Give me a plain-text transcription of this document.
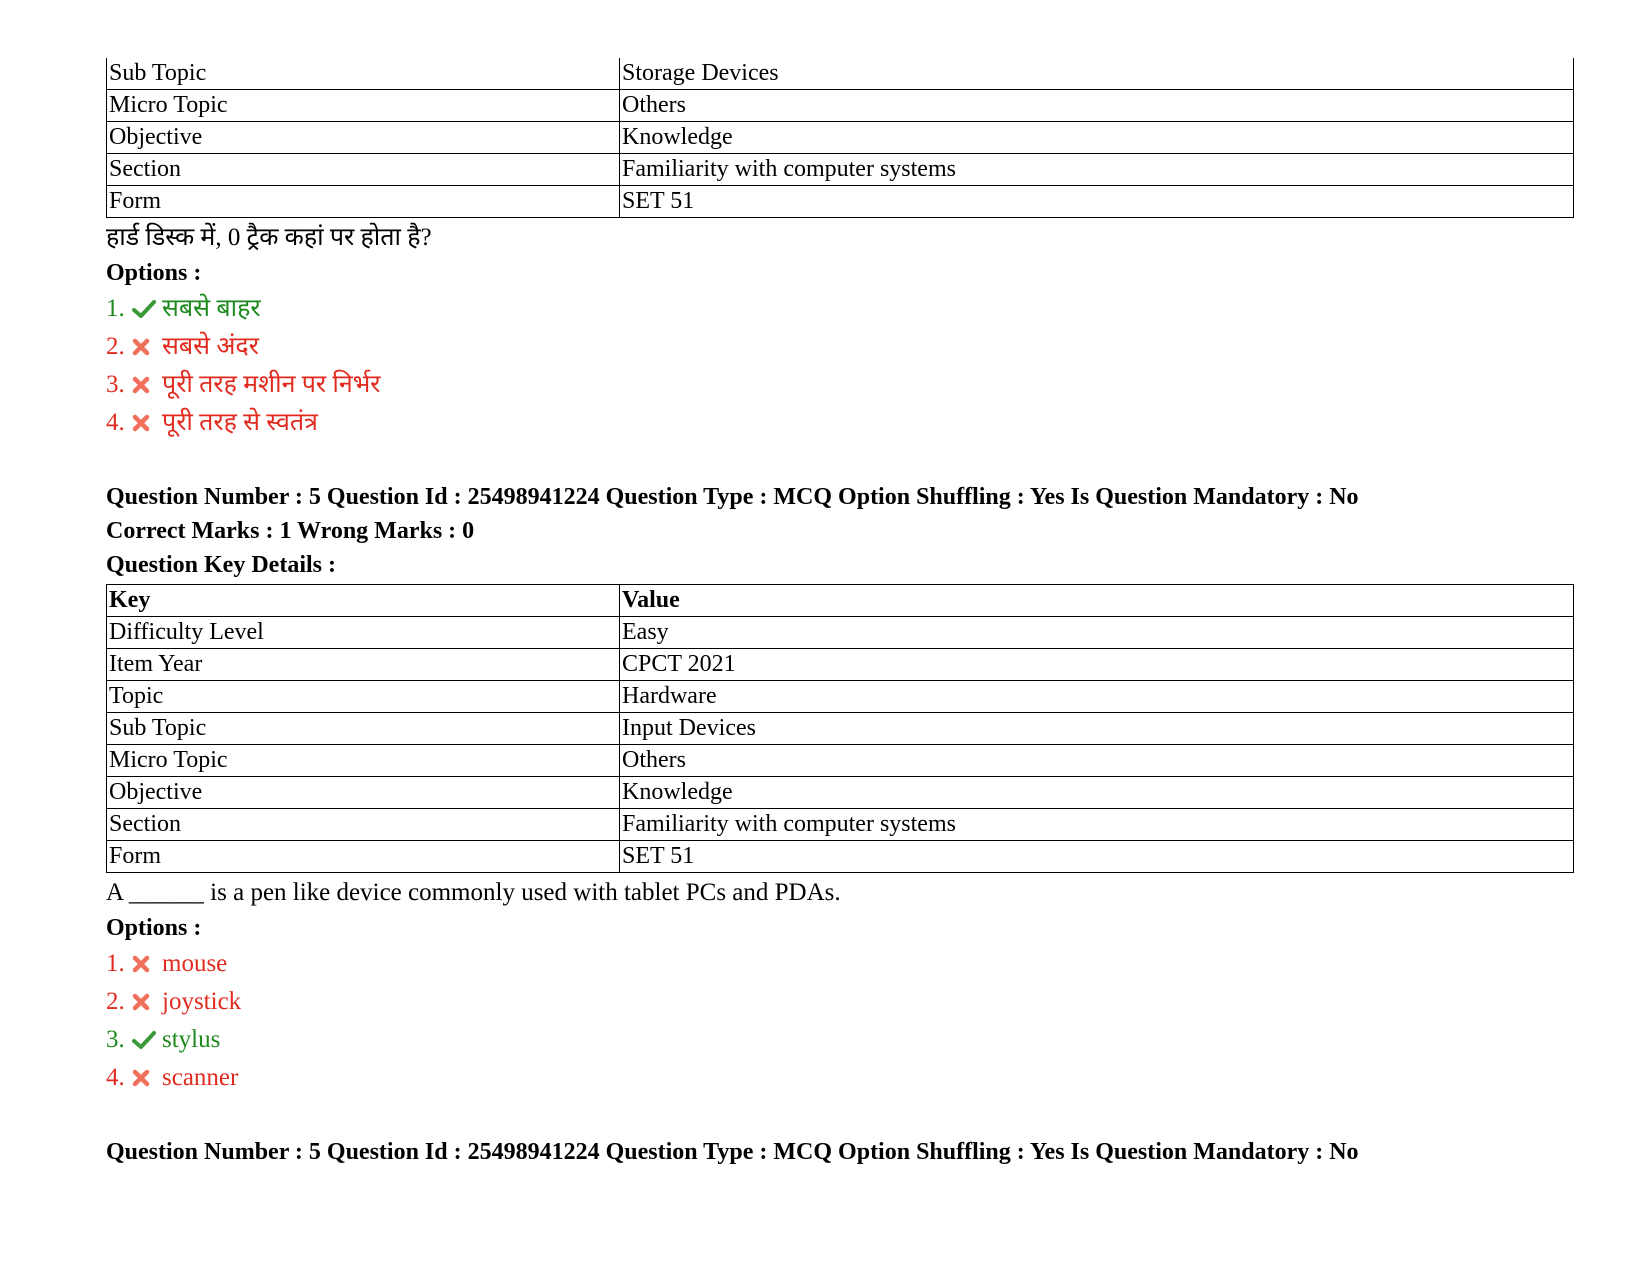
Sub Topic	Storage Devices
Micro Topic	Others
Objective	Knowledge
Section	Familiarity with computer systems
Form	SET 51
हार्ड डिस्क में, 0 ट्रैक कहां पर होता है?
Options :
1. सबसे बाहर
2. सबसे अंदर
3. पूरी तरह मशीन पर निर्भर
4. पूरी तरह से स्वतंत्र
Question Number : 5 Question Id : 25498941224 Question Type : MCQ Option Shuffling : Yes Is Question Mandatory : No
Correct Marks : 1 Wrong Marks : 0
Question Key Details :
Key	Value
Difficulty Level	Easy
Item Year	CPCT 2021
Topic	Hardware
Sub Topic	Input Devices
Micro Topic	Others
Objective	Knowledge
Section	Familiarity with computer systems
Form	SET 51
A ______ is a pen like device commonly used with tablet PCs and PDAs.
Options :
1. mouse
2. joystick
3. stylus
4. scanner
Question Number : 5 Question Id : 25498941224 Question Type : MCQ Option Shuffling : Yes Is Question Mandatory : No
